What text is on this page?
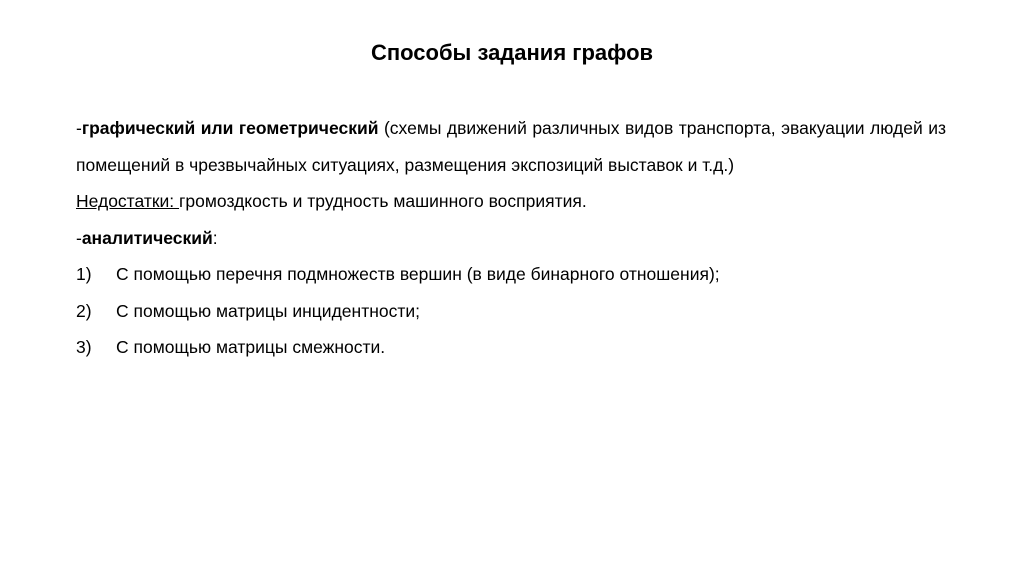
Способы задания графов

-графический или геометрический (схемы движений различных видов транспорта, эвакуации людей из помещений в чрезвычайных ситуациях, размещения экспозиций выставок и т.д.)

Недостатки: громоздкость и трудность машинного восприятия.

-аналитический:

1)	С помощью перечня подмножеств вершин (в виде бинарного отношения);
2)	С помощью матрицы инцидентности;
3)	С помощью матрицы смежности.
